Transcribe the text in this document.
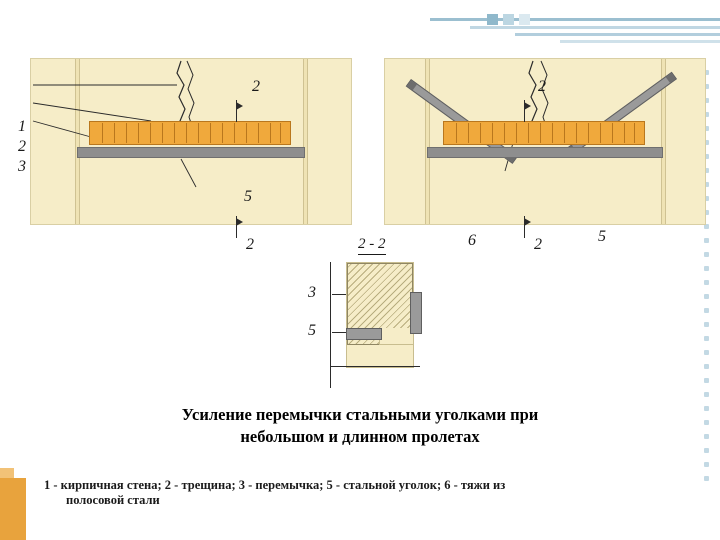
1
2
3
2
5
2
2
6	2	5
2 - 2
3
5
Усиление перемычки стальными уголками при
небольшом и длинном пролетах
1 - кирпичная стена; 2 - трещина; 3 - перемычка; 5 - стальной уголок; 6 - тяжи из
полосовой стали
